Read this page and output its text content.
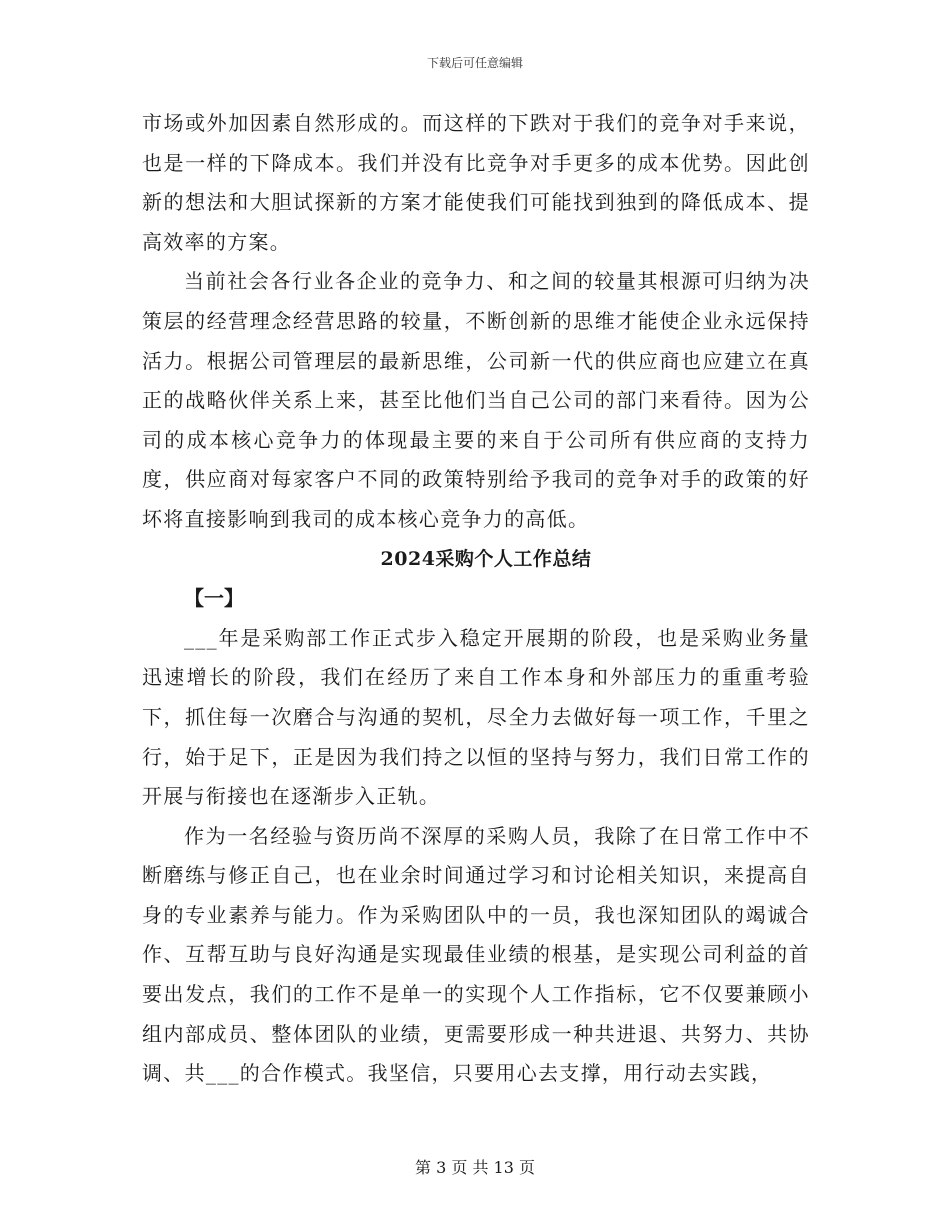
下载后可任意编辑

市场或外加因素自然形成的。而这样的下跌对于我们的竞争对手来说，也是一样的下降成本。我们并没有比竞争对手更多的成本优势。因此创新的想法和大胆试探新的方案才能使我们可能找到独到的降低成本、提高效率的方案。

当前社会各行业各企业的竞争力、和之间的较量其根源可归纳为决策层的经营理念经营思路的较量，不断创新的思维才能使企业永远保持活力。根据公司管理层的最新思维，公司新一代的供应商也应建立在真正的战略伙伴关系上来，甚至比他们当自己公司的部门来看待。因为公司的成本核心竞争力的体现最主要的来自于公司所有供应商的支持力度，供应商对每家客户不同的政策特别给予我司的竞争对手的政策的好坏将直接影响到我司的成本核心竞争力的高低。

2024采购个人工作总结

【一】

___年是采购部工作正式步入稳定开展期的阶段，也是采购业务量迅速增长的阶段，我们在经历了来自工作本身和外部压力的重重考验下，抓住每一次磨合与沟通的契机，尽全力去做好每一项工作，千里之行，始于足下，正是因为我们持之以恒的坚持与努力，我们日常工作的开展与衔接也在逐渐步入正轨。

作为一名经验与资历尚不深厚的采购人员，我除了在日常工作中不断磨练与修正自己，也在业余时间通过学习和讨论相关知识，来提高自身的专业素养与能力。作为采购团队中的一员，我也深知团队的竭诚合作、互帮互助与良好沟通是实现最佳业绩的根基，是实现公司利益的首要出发点，我们的工作不是单一的实现个人工作指标，它不仅要兼顾小组内部成员、整体团队的业绩，更需要形成一种共进退、共努力、共协调、共___的合作模式。我坚信，只要用心去支撑，用行动去实践，

第 3 页 共 13 页
